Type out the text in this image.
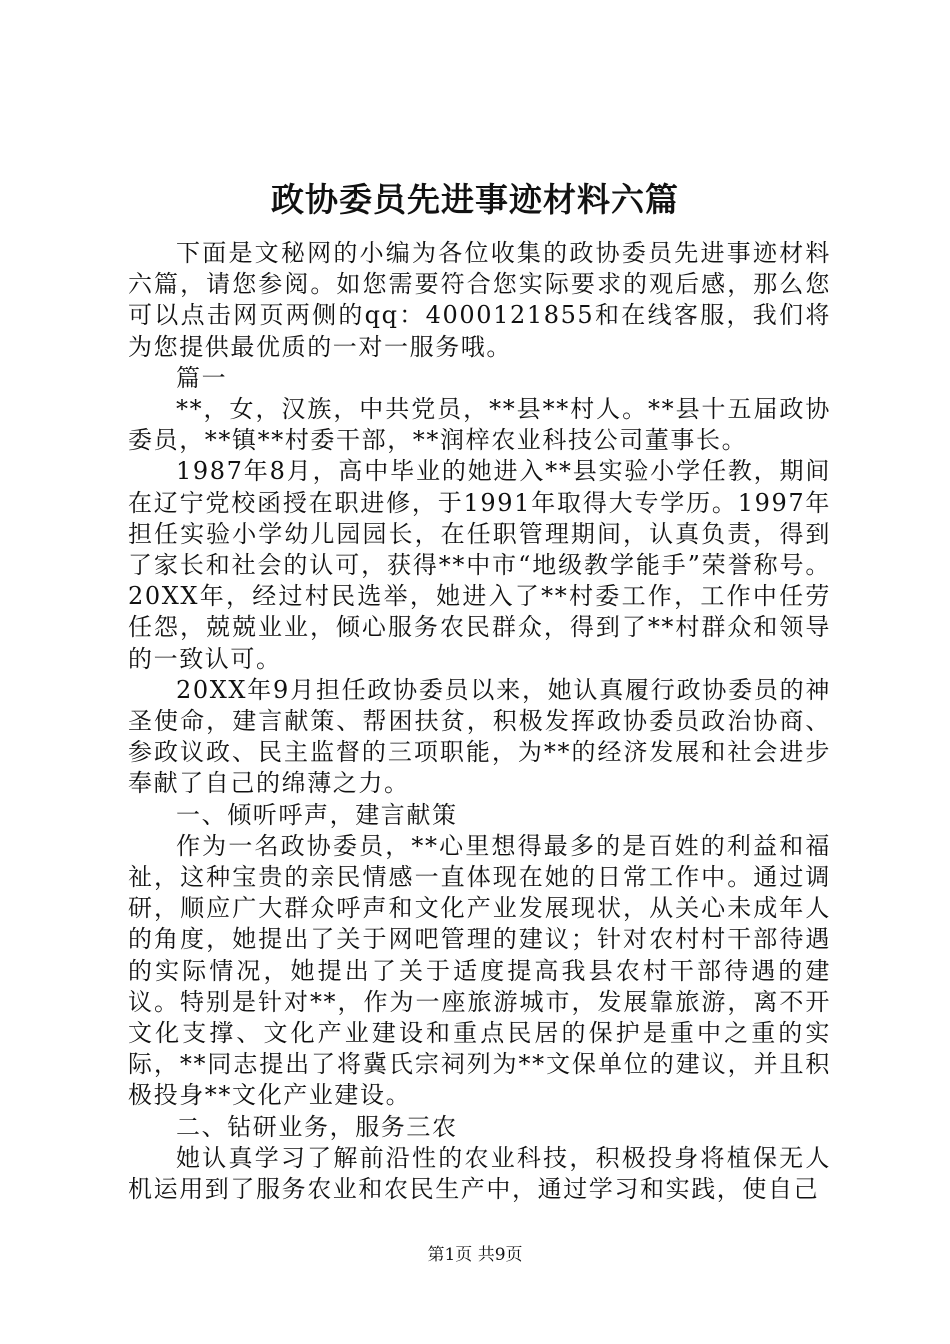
政协委员先进事迹材料六篇

下面是文秘网的小编为各位收集的政协委员先进事迹材料六篇，请您参阅。如您需要符合您实际要求的观后感，那么您可以点击网页两侧的qq：4000121855和在线客服，我们将为您提供最优质的一对一服务哦。

篇一

**，女，汉族，中共党员，**县**村人。**县十五届政协委员，**镇**村委干部，**润梓农业科技公司董事长。

1987年8月，高中毕业的她进入**县实验小学任教，期间在辽宁党校函授在职进修，于1991年取得大专学历。1997年担任实验小学幼儿园园长，在任职管理期间，认真负责，得到了家长和社会的认可，获得**中市“地级教学能手”荣誉称号。20XX年，经过村民选举，她进入了**村委工作，工作中任劳任怨，兢兢业业，倾心服务农民群众，得到了**村群众和领导的一致认可。

20XX年9月担任政协委员以来，她认真履行政协委员的神圣使命，建言献策、帮困扶贫，积极发挥政协委员政治协商、参政议政、民主监督的三项职能，为**的经济发展和社会进步奉献了自己的绵薄之力。

一、倾听呼声，建言献策

作为一名政协委员，**心里想得最多的是百姓的利益和福祉，这种宝贵的亲民情感一直体现在她的日常工作中。通过调研，顺应广大群众呼声和文化产业发展现状，从关心未成年人的角度，她提出了关于网吧管理的建议；针对农村村干部待遇的实际情况，她提出了关于适度提高我县农村干部待遇的建议。特别是针对**，作为一座旅游城市，发展靠旅游，离不开文化支撑、文化产业建设和重点民居的保护是重中之重的实际，**同志提出了将冀氏宗祠列为**文保单位的建议，并且积极投身**文化产业建设。

二、钻研业务，服务三农

她认真学习了解前沿性的农业科技，积极投身将植保无人机运用到了服务农业和农民生产中，通过学习和实践，使自己

第1页 共9页
